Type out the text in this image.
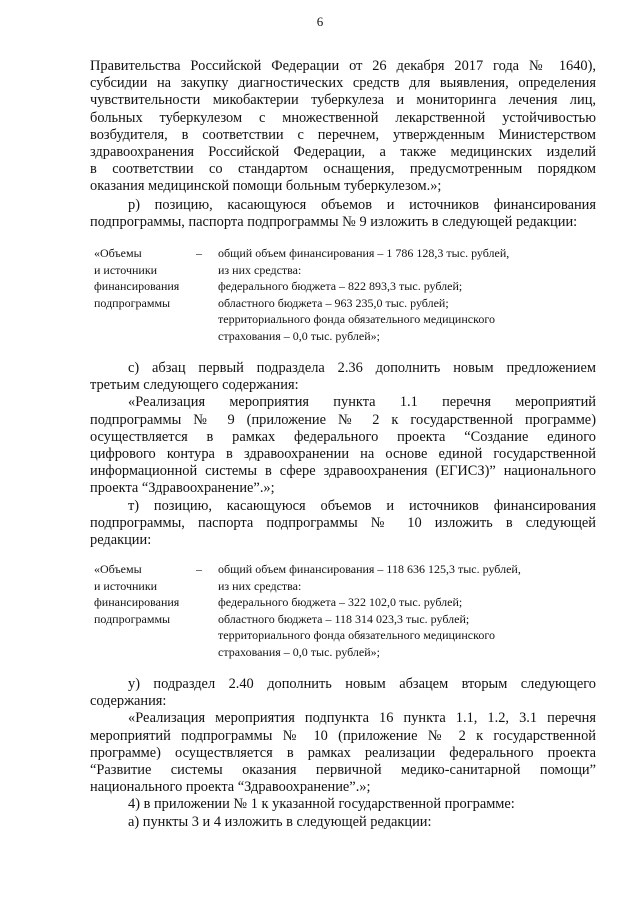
6
Правительства Российской Федерации от 26 декабря 2017 года № 1640),
субсидии на закупку диагностических средств для выявления, определения
чувствительности микобактерии туберкулеза и мониторинга лечения лиц,
больных туберкулезом с множественной лекарственной устойчивостью
возбудителя, в соответствии с перечнем, утвержденным Министерством
здравоохранения Российской Федерации, а также медицинских изделий
в соответствии со стандартом оснащения, предусмотренным порядком
оказания медицинской помощи больным туберкулезом.»;
р) позицию, касающуюся объемов и источников финансирования
подпрограммы, паспорта подпрограммы № 9 изложить в следующей редакции:
«Объемы
и источники
финансирования
подпрограммы
–	общий объем финансирования – 1 786 128,3 тыс. рублей,
из них средства:
федерального бюджета – 822 893,3 тыс. рублей;
областного бюджета – 963 235,0 тыс. рублей;
территориального фонда обязательного медицинского
страхования – 0,0 тыс. рублей»;
с) абзац первый подраздела 2.36 дополнить новым предложением
третьим следующего содержания:
«Реализация мероприятия пункта 1.1 перечня мероприятий
подпрограммы № 9 (приложение № 2 к государственной программе)
осуществляется в рамках федерального проекта “Создание единого
цифрового контура в здравоохранении на основе единой государственной
информационной системы в сфере здравоохранения (ЕГИСЗ)” национального
проекта “Здравоохранение”.»;
т) позицию, касающуюся объемов и источников финансирования
подпрограммы, паспорта подпрограммы № 10 изложить в следующей
редакции:
«Объемы
и источники
финансирования
подпрограммы
–	общий объем финансирования – 118 636 125,3 тыс. рублей,
из них средства:
федерального бюджета – 322 102,0 тыс. рублей;
областного бюджета – 118 314 023,3 тыс. рублей;
территориального фонда обязательного медицинского
страхования – 0,0 тыс. рублей»;
у) подраздел 2.40 дополнить новым абзацем вторым следующего
содержания:
«Реализация мероприятия подпункта 16 пункта 1.1, 1.2, 3.1 перечня
мероприятий подпрограммы № 10 (приложение № 2 к государственной
программе) осуществляется в рамках реализации федерального проекта
“Развитие системы оказания первичной медико-санитарной помощи”
национального проекта “Здравоохранение”.»;
4) в приложении № 1 к указанной государственной программе:
а) пункты 3 и 4 изложить в следующей редакции:
